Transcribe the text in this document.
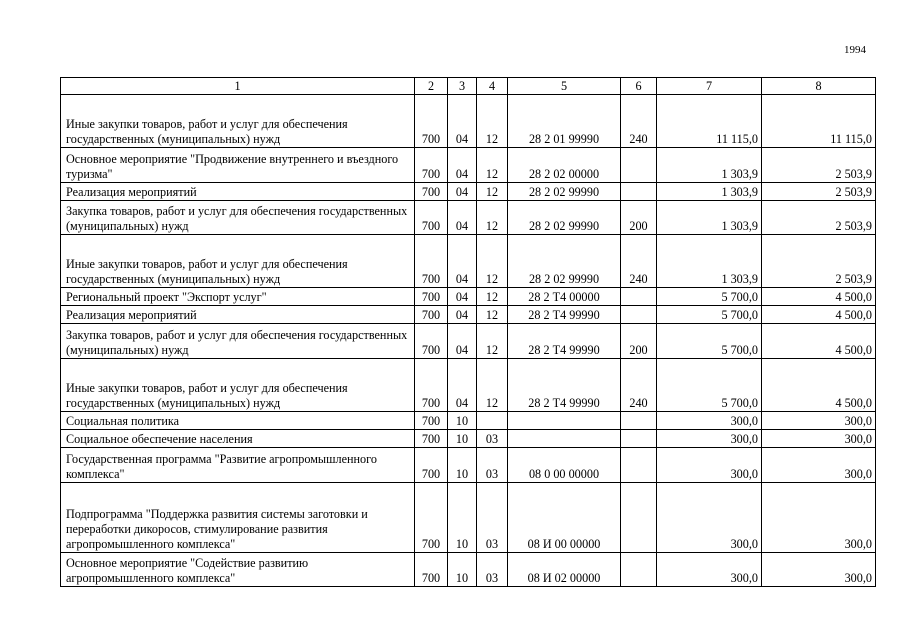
1994
1	2	3	4	5	6	7	8
Иные закупки товаров, работ и услуг для обеспечения государственных (муниципальных) нужд	700	04	12	28 2 01 99990	240	11 115,0	11 115,0
Основное мероприятие "Продвижение внутреннего и въездного туризма"	700	04	12	28 2 02 00000		1 303,9	2 503,9
Реализация мероприятий	700	04	12	28 2 02 99990		1 303,9	2 503,9
Закупка товаров, работ и услуг для обеспечения государственных (муниципальных) нужд	700	04	12	28 2 02 99990	200	1 303,9	2 503,9
Иные закупки товаров, работ и услуг для обеспечения государственных (муниципальных) нужд	700	04	12	28 2 02 99990	240	1 303,9	2 503,9
Региональный проект "Экспорт услуг"	700	04	12	28 2 Т4 00000		5 700,0	4 500,0
Реализация мероприятий	700	04	12	28 2 Т4 99990		5 700,0	4 500,0
Закупка товаров, работ и услуг для обеспечения государственных (муниципальных) нужд	700	04	12	28 2 Т4 99990	200	5 700,0	4 500,0
Иные закупки товаров, работ и услуг для обеспечения государственных (муниципальных) нужд	700	04	12	28 2 Т4 99990	240	5 700,0	4 500,0
Социальная политика	700	10				300,0	300,0
Социальное обеспечение населения	700	10	03			300,0	300,0
Государственная программа "Развитие агропромышленного комплекса"	700	10	03	08 0 00 00000		300,0	300,0
Подпрограмма "Поддержка развития системы заготовки и переработки дикоросов, стимулирование развития агропромышленного комплекса"	700	10	03	08 И 00 00000		300,0	300,0
Основное мероприятие "Содействие развитию агропромышленного комплекса"	700	10	03	08 И 02 00000		300,0	300,0
